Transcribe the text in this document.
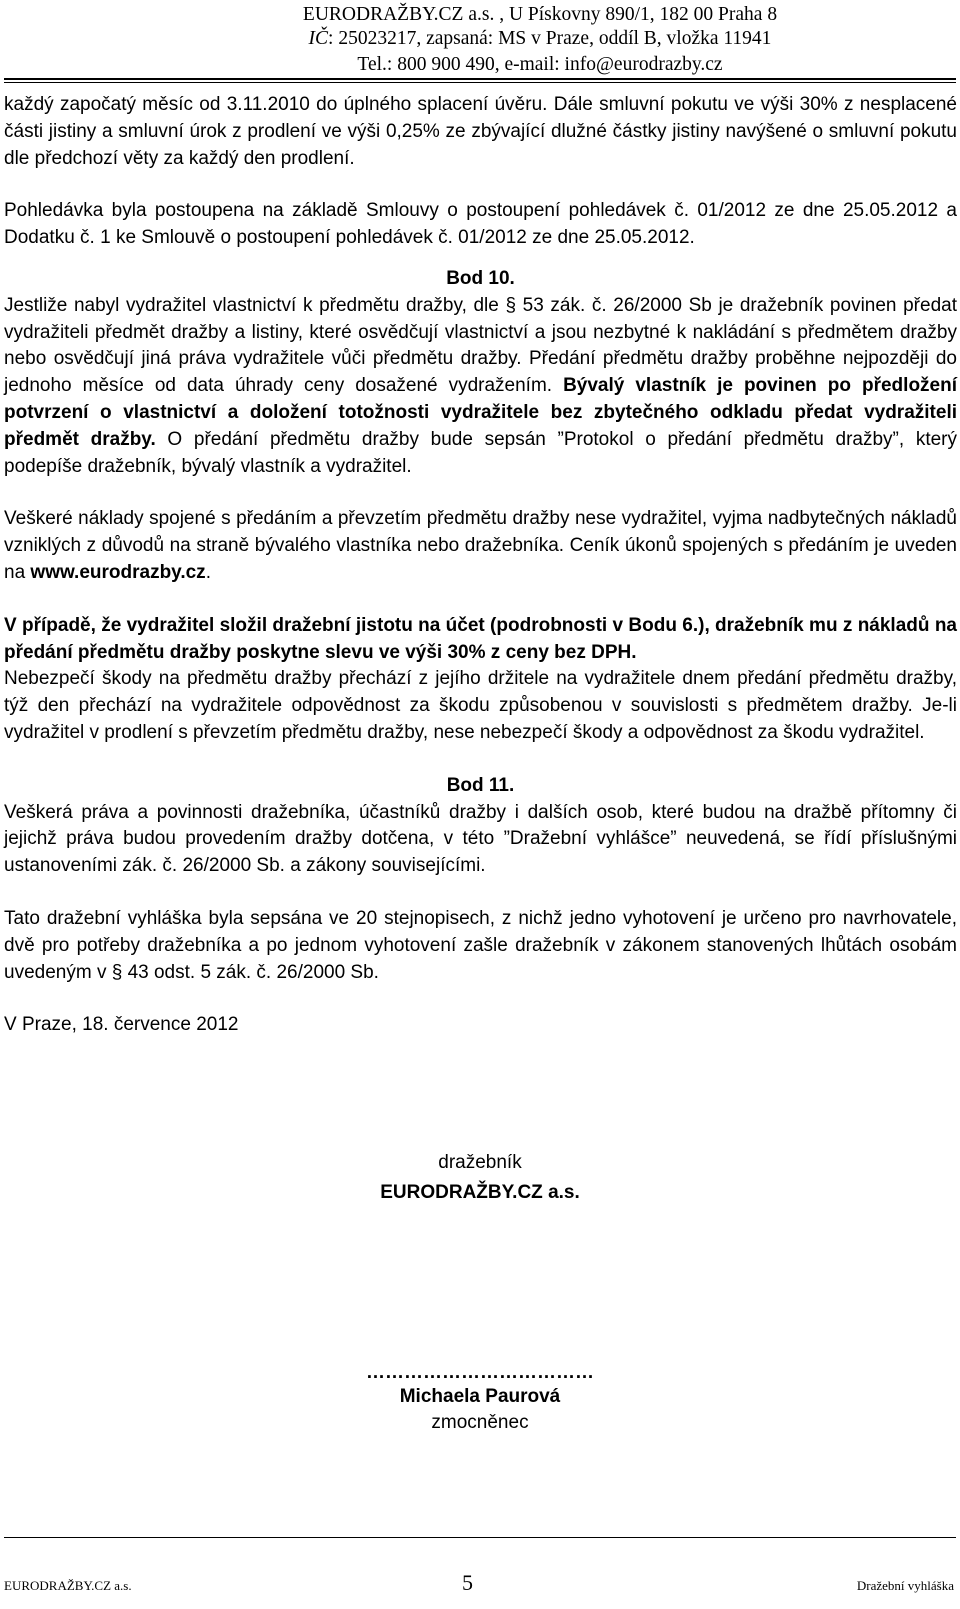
EURODRAŽBY.CZ a.s. , U Pískovny 890/1, 182 00 Praha 8
IČ: 25023217, zapsaná: MS v Praze, oddíl B, vložka 11941
Tel.: 800 900 490, e-mail: info@eurodrazby.cz

každý započatý měsíc od 3.11.2010 do úplného splacení úvěru. Dále smluvní pokutu ve výši 30% z nesplacené části jistiny a smluvní úrok z prodlení ve výši 0,25% ze zbývající dlužné částky jistiny navýšené o smluvní pokutu dle předchozí věty za každý den prodlení.

Pohledávka byla postoupena na základě Smlouvy o postoupení pohledávek č. 01/2012 ze dne 25.05.2012 a Dodatku č. 1 ke Smlouvě o postoupení pohledávek č. 01/2012 ze dne 25.05.2012.

Bod 10.

Jestliže nabyl vydražitel vlastnictví k předmětu dražby, dle § 53 zák. č. 26/2000 Sb je dražebník povinen předat vydražiteli předmět dražby a listiny, které osvědčují vlastnictví a jsou nezbytné k nakládání s předmětem dražby nebo osvědčují jiná práva vydražitele vůči předmětu dražby. Předání předmětu dražby proběhne nejpozději do jednoho měsíce od data úhrady ceny dosažené vydražením. Bývalý vlastník je povinen po předložení potvrzení o vlastnictví a doložení totožnosti vydražitele bez zbytečného odkladu předat vydražiteli předmět dražby. O předání předmětu dražby bude sepsán ”Protokol o předání předmětu dražby”, který podepíše dražebník, bývalý vlastník a vydražitel.

Veškeré náklady spojené s předáním a převzetím předmětu dražby nese vydražitel, vyjma nadbytečných nákladů vzniklých z důvodů na straně bývalého vlastníka nebo dražebníka. Ceník úkonů spojených s předáním je uveden na www.eurodrazby.cz.

V případě, že vydražitel složil dražební jistotu na účet (podrobnosti v Bodu 6.), dražebník mu z nákladů na předání předmětu dražby poskytne slevu ve výši 30% z ceny bez DPH.

Nebezpečí škody na předmětu dražby přechází z jejího držitele na vydražitele dnem předání předmětu dražby, týž den přechází na vydražitele odpovědnost za škodu způsobenou v souvislosti s předmětem dražby. Je-li vydražitel v prodlení s převzetím předmětu dražby, nese nebezpečí škody a odpovědnost za škodu vydražitel.

Bod 11.

Veškerá práva a povinnosti dražebníka, účastníků dražby i dalších osob, které budou na dražbě přítomny či jejichž práva budou provedením dražby dotčena, v této ”Dražební vyhlášce” neuvedená, se řídí příslušnými ustanoveními zák. č. 26/2000 Sb. a zákony souvisejícími.

Tato dražební vyhláška byla sepsána ve 20 stejnopisech, z nichž jedno vyhotovení je určeno pro navrhovatele, dvě pro potřeby dražebníka a po jednom vyhotovení zašle dražebník v zákonem stanovených lhůtách osobám uvedeným v § 43 odst. 5 zák. č. 26/2000 Sb.

V Praze, 18. července 2012

dražebník
EURODRAŽBY.CZ a.s.
………………………………
Michaela Paurová
zmocněnec
EURODRAŽBY.CZ a.s.	5	Dražební vyhláška
